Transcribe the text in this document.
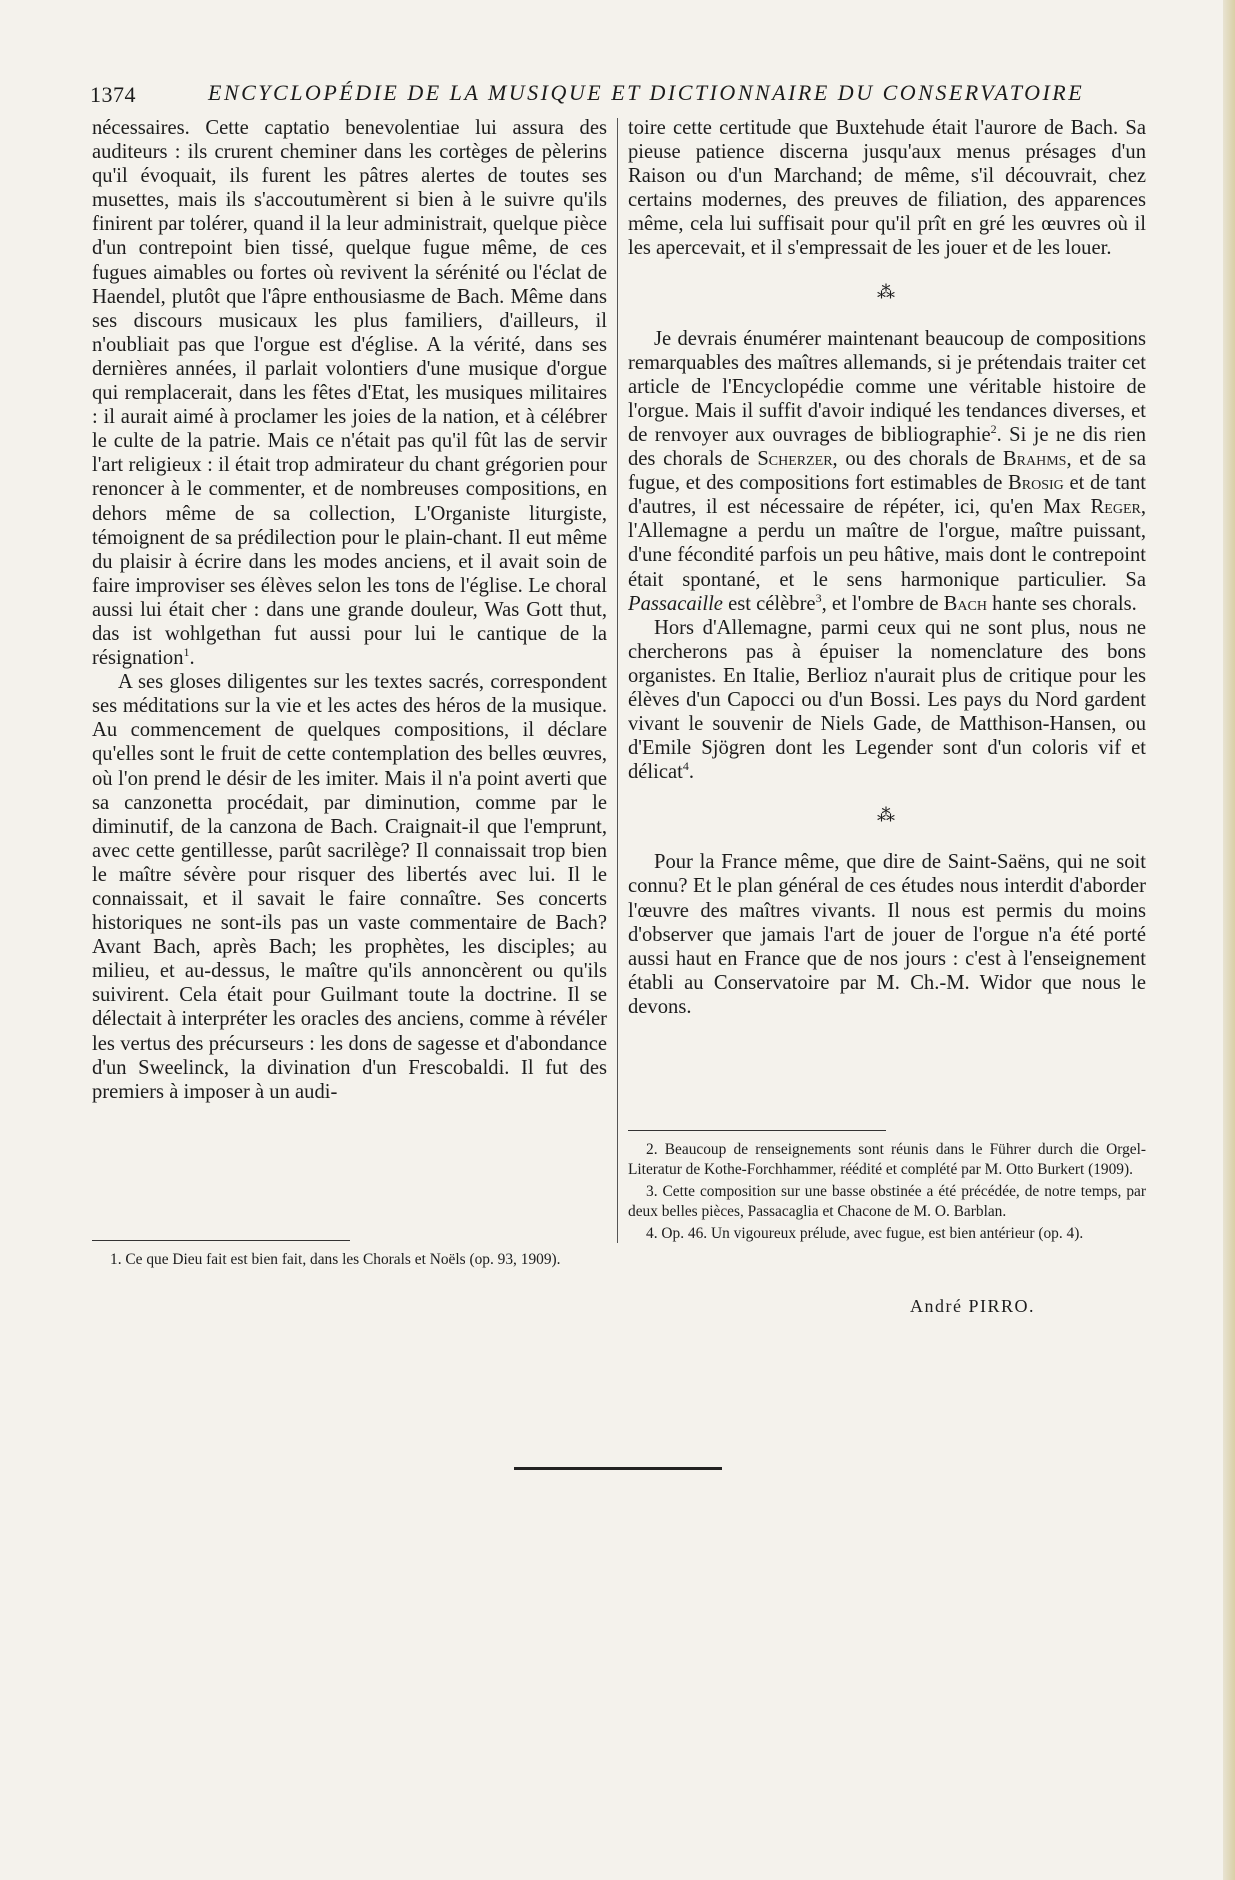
1374	ENCYCLOPÉDIE DE LA MUSIQUE ET DICTIONNAIRE DU CONSERVATOIRE

nécessaires. Cette captatio benevolentiae lui assura des auditeurs : ils crurent cheminer dans les cortèges de pèlerins qu'il évoquait, ils furent les pâtres alertes de toutes ses musettes, mais ils s'accoutumèrent si bien à le suivre qu'ils finirent par tolérer, quand il la leur administrait, quelque pièce d'un contrepoint bien tissé, quelque fugue même, de ces fugues aimables ou fortes où revivent la sérénité ou l'éclat de Haendel, plutôt que l'âpre enthousiasme de Bach. Même dans ses discours musicaux les plus familiers, d'ailleurs, il n'oubliait pas que l'orgue est d'église. A la vérité, dans ses dernières années, il parlait volontiers d'une musique d'orgue qui remplacerait, dans les fêtes d'Etat, les musiques militaires : il aurait aimé à proclamer les joies de la nation, et à célébrer le culte de la patrie. Mais ce n'était pas qu'il fût las de servir l'art religieux : il était trop admirateur du chant grégorien pour renoncer à le commenter, et de nombreuses compositions, en dehors même de sa collection, L'Organiste liturgiste, témoignent de sa prédilection pour le plain-chant. Il eut même du plaisir à écrire dans les modes anciens, et il avait soin de faire improviser ses élèves selon les tons de l'église. Le choral aussi lui était cher : dans une grande douleur, Was Gott thut, das ist wohlgethan fut aussi pour lui le cantique de la résignation$^1$.

A ses gloses diligentes sur les textes sacrés, correspondent ses méditations sur la vie et les actes des héros de la musique. Au commencement de quelques compositions, il déclare qu'elles sont le fruit de cette contemplation des belles œuvres, où l'on prend le désir de les imiter. Mais il n'a point averti que sa canzonetta procédait, par diminution, comme par le diminutif, de la canzona de Bach. Craignait-il que l'emprunt, avec cette gentillesse, parût sacrilège? Il connaissait trop bien le maître sévère pour risquer des libertés avec lui. Il le connaissait, et il savait le faire connaître. Ses concerts historiques ne sont-ils pas un vaste commentaire de Bach? Avant Bach, après Bach; les prophètes, les disciples; au milieu, et au-dessus, le maître qu'ils annoncèrent ou qu'ils suivirent. Cela était pour Guilmant toute la doctrine. Il se délectait à interpréter les oracles des anciens, comme à révéler les vertus des précurseurs : les dons de sagesse et d'abondance d'un Sweelinck, la divination d'un Frescobaldi. Il fut des premiers à imposer à un audi-

toire cette certitude que Buxtehude était l'aurore de Bach. Sa pieuse patience discerna jusqu'aux menus présages d'un Raison ou d'un Marchand; de même, s'il découvrait, chez certains modernes, des preuves de filiation, des apparences même, cela lui suffisait pour qu'il prît en gré les œuvres où il les apercevait, et il s'empressait de les jouer et de les louer.

⁂

Je devrais énumérer maintenant beaucoup de compositions remarquables des maîtres allemands, si je prétendais traiter cet article de l'Encyclopédie comme une véritable histoire de l'orgue. Mais il suffit d'avoir indiqué les tendances diverses, et de renvoyer aux ouvrages de bibliographie$^2$. Si je ne dis rien des chorals de Scherzer, ou des chorals de Brahms, et de sa fugue, et des compositions fort estimables de Brosig et de tant d'autres, il est nécessaire de répéter, ici, qu'en Max Reger, l'Allemagne a perdu un maître de l'orgue, maître puissant, d'une fécondité parfois un peu hâtive, mais dont le contrepoint était spontané, et le sens harmonique particulier. Sa Passacaille est célèbre$^3$, et l'ombre de Bach hante ses chorals.

Hors d'Allemagne, parmi ceux qui ne sont plus, nous ne chercherons pas à épuiser la nomenclature des bons organistes. En Italie, Berlioz n'aurait plus de critique pour les élèves d'un Capocci ou d'un Bossi. Les pays du Nord gardent vivant le souvenir de Niels Gade, de Matthison-Hansen, ou d'Emile Sjögren dont les Legender sont d'un coloris vif et délicat$^4$.

⁂

Pour la France même, que dire de Saint-Saëns, qui ne soit connu? Et le plan général de ces études nous interdit d'aborder l'œuvre des maîtres vivants. Il nous est permis du moins d'observer que jamais l'art de jouer de l'orgue n'a été porté aussi haut en France que de nos jours : c'est à l'enseignement établi au Conservatoire par M. Ch.-M. Widor que nous le devons.

1. Ce que Dieu fait est bien fait, dans les Chorals et Noëls (op. 93, 1909).

2. Beaucoup de renseignements sont réunis dans le Führer durch die Orgel-Literatur de Kothe-Forchhammer, réédité et complété par M. Otto Burkert (1909).

3. Cette composition sur une basse obstinée a été précédée, de notre temps, par deux belles pièces, Passacaglia et Chacone de M. O. Barblan.

4. Op. 46. Un vigoureux prélude, avec fugue, est bien antérieur (op. 4).

André PIRRO.
